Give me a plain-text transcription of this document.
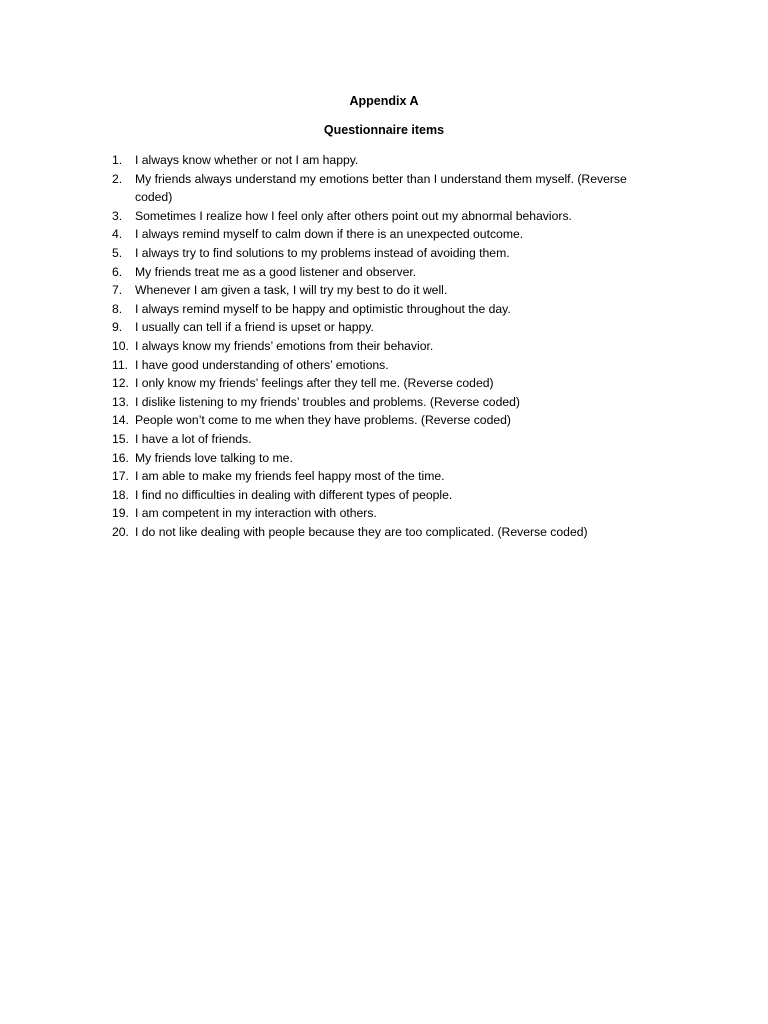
Appendix A
Questionnaire items
1.	I always know whether or not I am happy.
2.	My friends always understand my emotions better than I understand them myself. (Reverse coded)
3.	Sometimes I realize how I feel only after others point out my abnormal behaviors.
4.	I always remind myself to calm down if there is an unexpected outcome.
5.	I always try to find solutions to my problems instead of avoiding them.
6.	My friends treat me as a good listener and observer.
7.	Whenever I am given a task, I will try my best to do it well.
8.	I always remind myself to be happy and optimistic throughout the day.
9.	I usually can tell if a friend is upset or happy.
10. I always know my friends’ emotions from their behavior.
11. I have good understanding of others’ emotions.
12. I only know my friends’ feelings after they tell me. (Reverse coded)
13. I dislike listening to my friends’ troubles and problems. (Reverse coded)
14. People won’t come to me when they have problems. (Reverse coded)
15. I have a lot of friends.
16. My friends love talking to me.
17. I am able to make my friends feel happy most of the time.
18. I find no difficulties in dealing with different types of people.
19. I am competent in my interaction with others.
20. I do not like dealing with people because they are too complicated. (Reverse coded)
